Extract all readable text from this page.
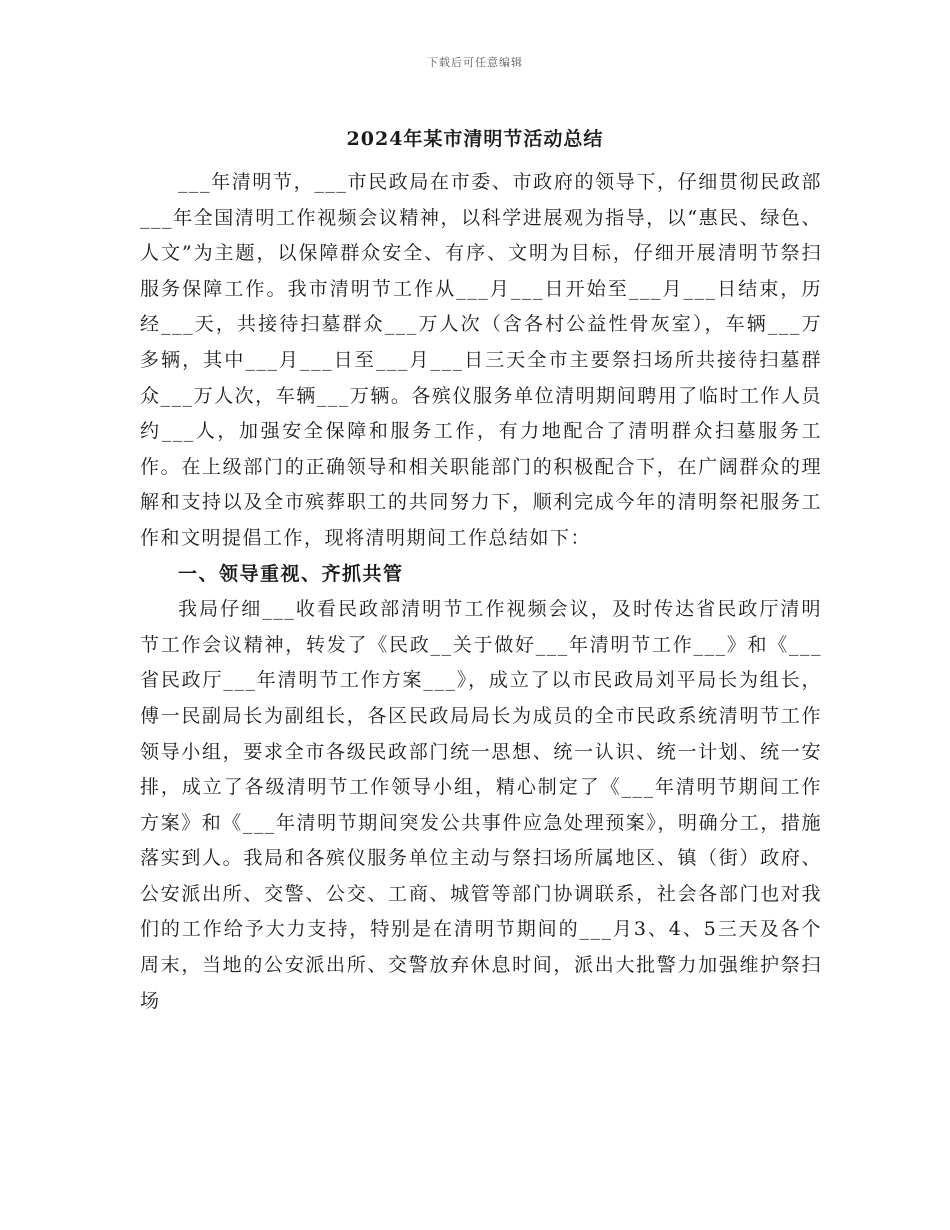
下载后可任意编辑
2024年某市清明节活动总结

___年清明节，___市民政局在市委、市政府的领导下，仔细贯彻民政部___年全国清明工作视频会议精神，以科学进展观为指导，以“惠民、绿色、人文”为主题，以保障群众安全、有序、文明为目标，仔细开展清明节祭扫服务保障工作。我市清明节工作从___月___日开始至___月___日结束，历经___天，共接待扫墓群众___万人次（含各村公益性骨灰室），车辆___万多辆，其中___月___日至___月___日三天全市主要祭扫场所共接待扫墓群众___万人次，车辆___万辆。各殡仪服务单位清明期间聘用了临时工作人员约___人，加强安全保障和服务工作，有力地配合了清明群众扫墓服务工作。在上级部门的正确领导和相关职能部门的积极配合下，在广阔群众的理解和支持以及全市殡葬职工的共同努力下，顺利完成今年的清明祭祀服务工作和文明提倡工作，现将清明期间工作总结如下：

一、领导重视、齐抓共管

我局仔细___收看民政部清明节工作视频会议，及时传达省民政厅清明节工作会议精神，转发了《民政__关于做好___年清明节工作___》和《___省民政厅___年清明节工作方案___》，成立了以市民政局刘平局长为组长，傅一民副局长为副组长，各区民政局局长为成员的全市民政系统清明节工作领导小组，要求全市各级民政部门统一思想、统一认识、统一计划、统一安排，成立了各级清明节工作领导小组，精心制定了《___年清明节期间工作方案》和《___年清明节期间突发公共事件应急处理预案》，明确分工，措施落实到人。我局和各殡仪服务单位主动与祭扫场所属地区、镇（街）政府、公安派出所、交警、公交、工商、城管等部门协调联系，社会各部门也对我们的工作给予大力支持，特别是在清明节期间的___月3、4、5三天及各个周末，当地的公安派出所、交警放弃休息时间，派出大批警力加强维护祭扫场
